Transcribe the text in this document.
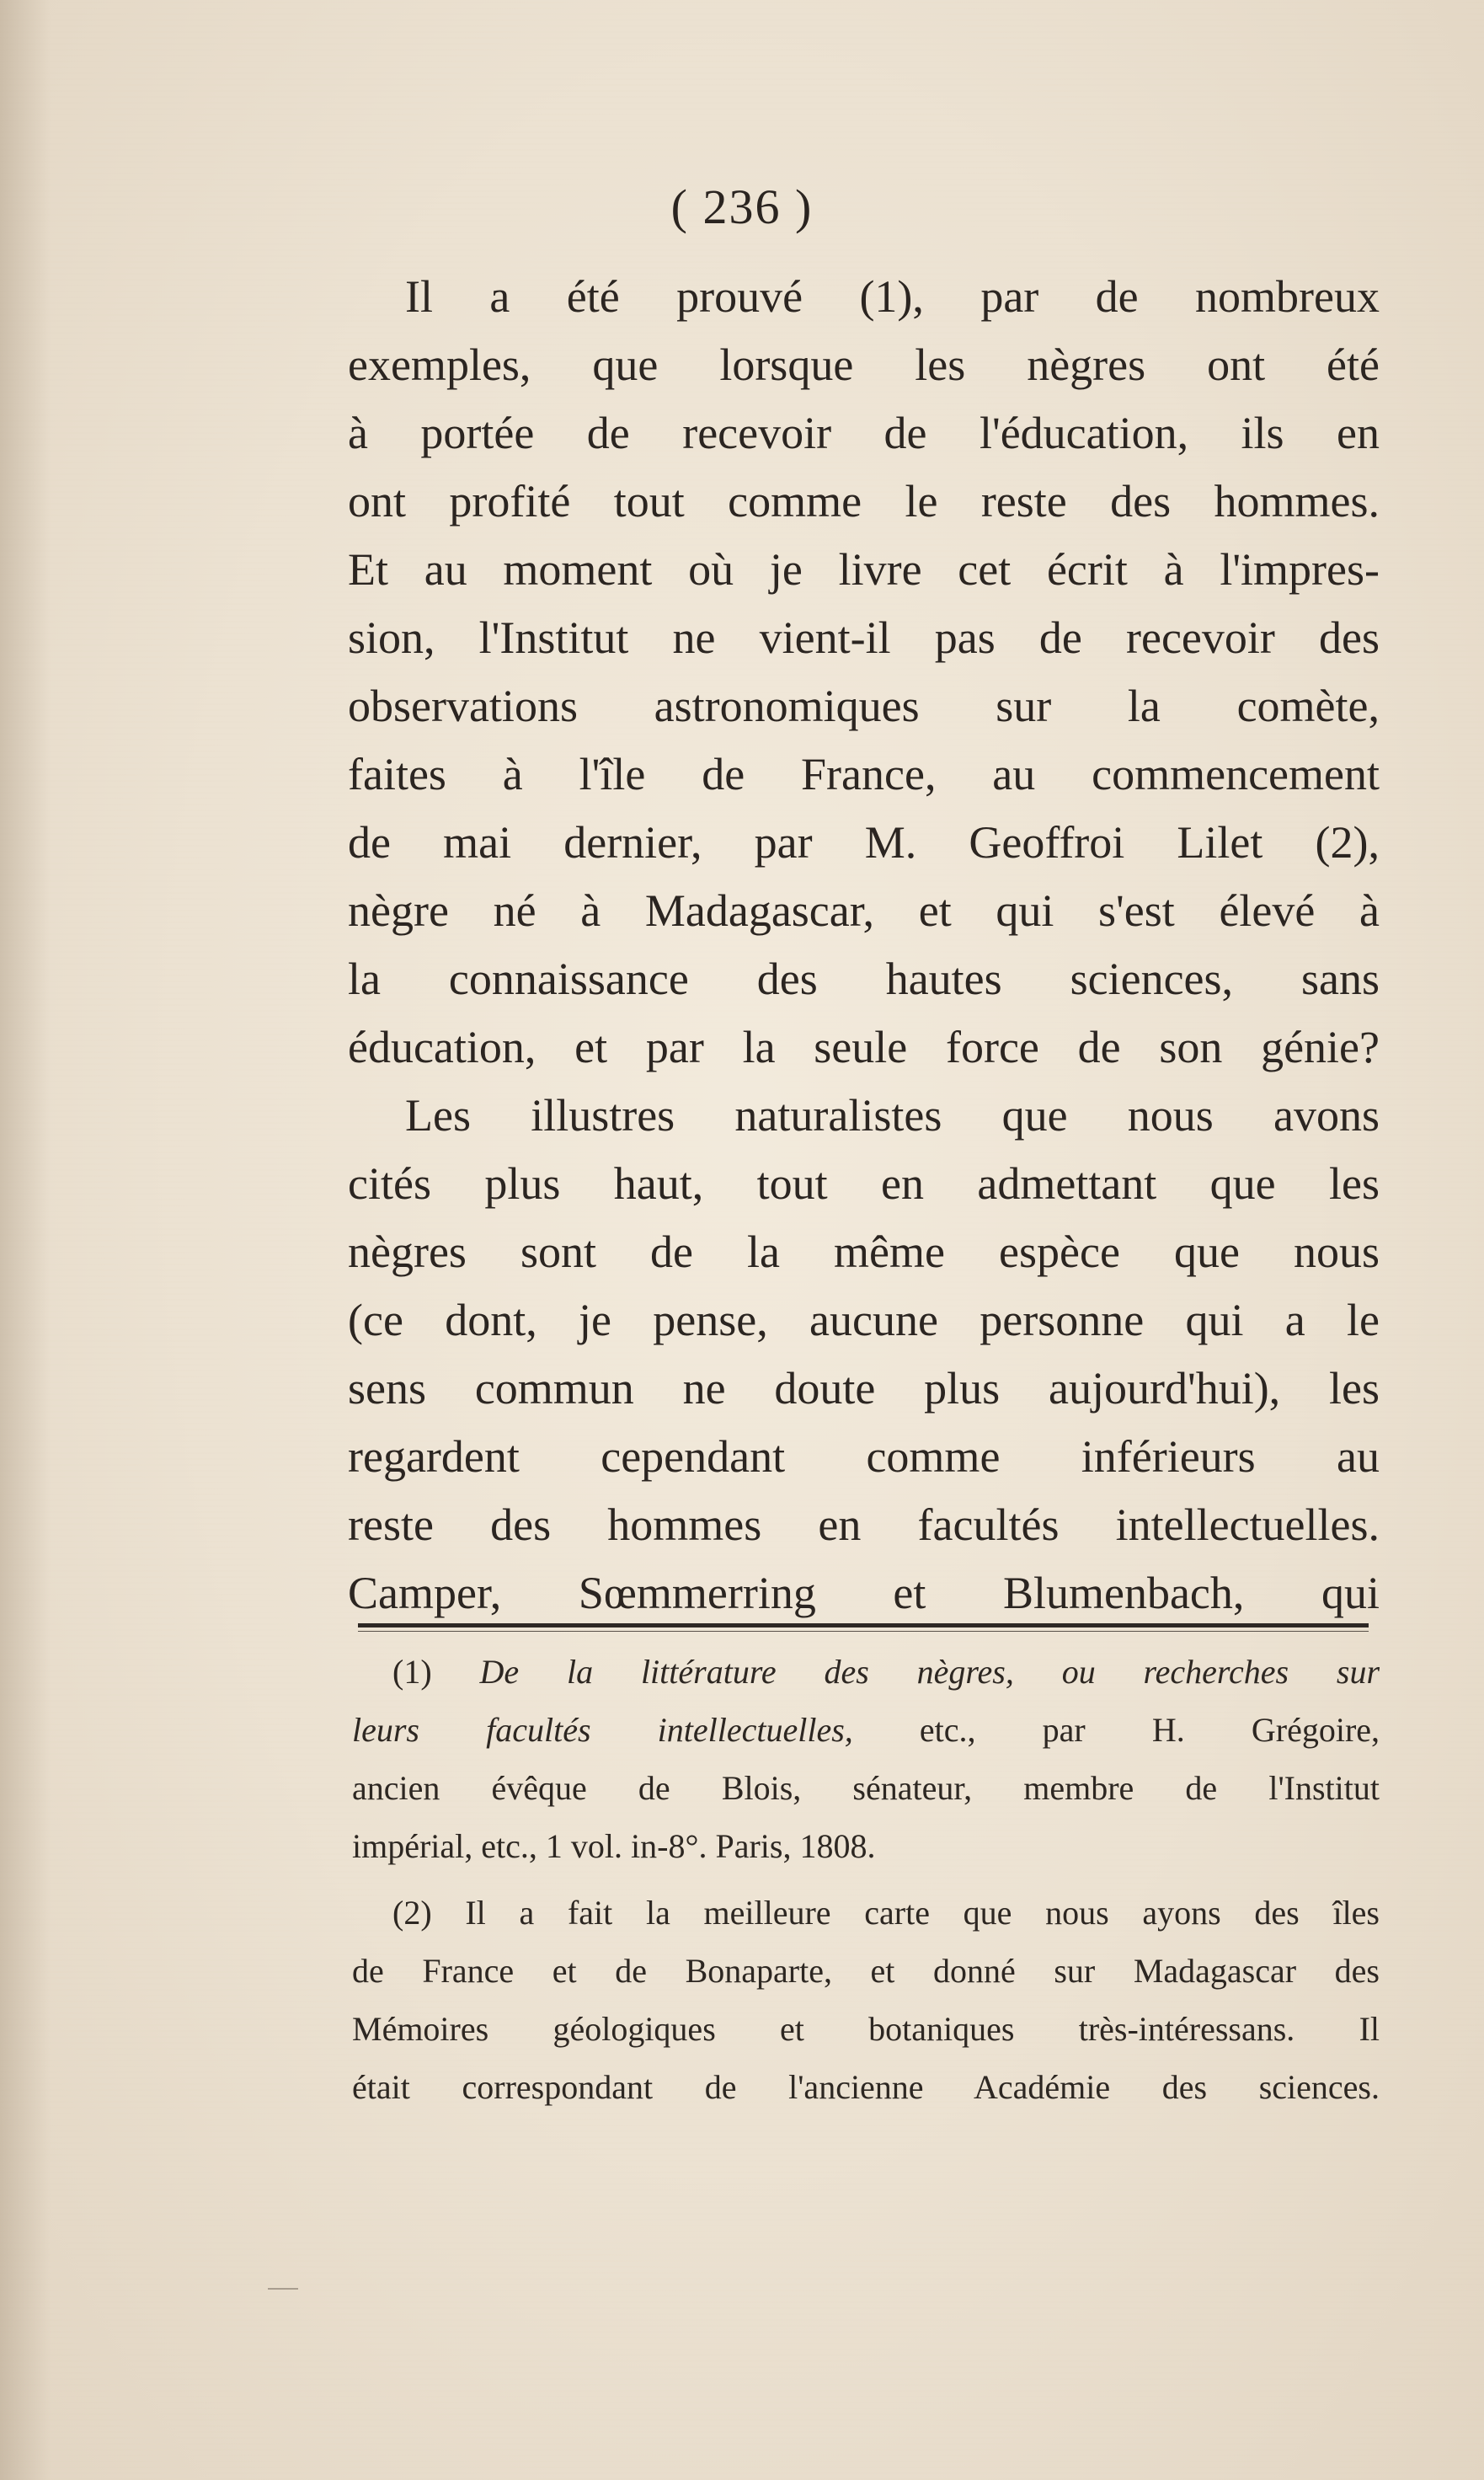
( 236 )
Il a été prouvé (1), par de nombreux
exemples, que lorsque les nègres ont été
à portée de recevoir de l'éducation, ils en
ont profité tout comme le reste des hommes.
Et au moment où je livre cet écrit à l'impres-
sion, l'Institut ne vient-il pas de recevoir des
observations astronomiques sur la comète,
faites à l'île de France, au commencement
de mai dernier, par M. Geoffroi Lilet (2),
nègre né à Madagascar, et qui s'est élevé à
la connaissance des hautes sciences, sans
éducation, et par la seule force de son génie?
Les illustres naturalistes que nous avons
cités plus haut, tout en admettant que les
nègres sont de la même espèce que nous
(ce dont, je pense, aucune personne qui a le
sens commun ne doute plus aujourd'hui), les
regardent cependant comme inférieurs au
reste des hommes en facultés intellectuelles.
Camper, Sœmmerring et Blumenbach, qui
(1) De la littérature des nègres, ou recherches sur
leurs facultés intellectuelles, etc., par H. Grégoire,
ancien évêque de Blois, sénateur, membre de l'Institut
impérial, etc., 1 vol. in-8°. Paris, 1808.
(2) Il a fait la meilleure carte que nous ayons des îles
de France et de Bonaparte, et donné sur Madagascar des
Mémoires géologiques et botaniques très-intéressans. Il
était correspondant de l'ancienne Académie des sciences.
